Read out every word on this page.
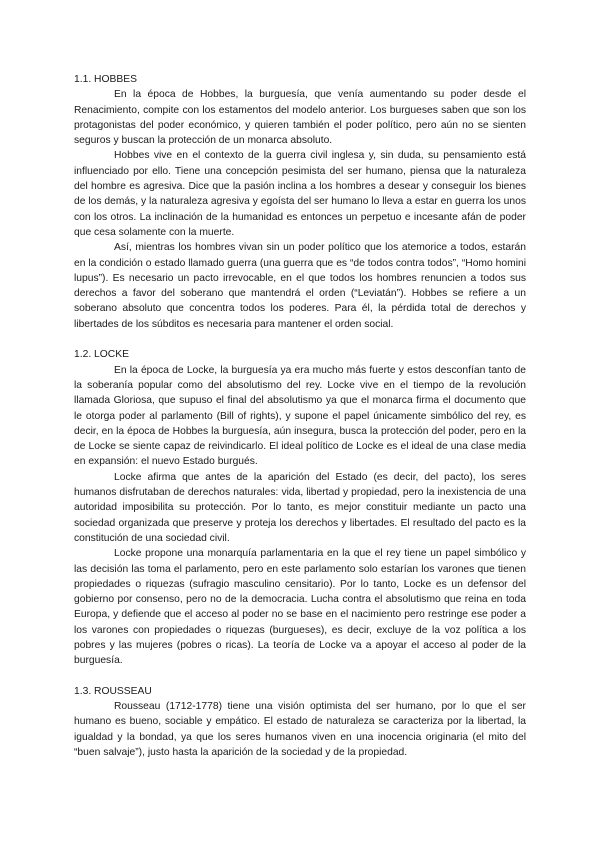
1.1. HOBBES

En la época de Hobbes, la burguesía, que venía aumentando su poder desde el Renacimiento, compite con los estamentos del modelo anterior. Los burgueses saben que son los protagonistas del poder económico, y quieren también el poder político, pero aún no se sienten seguros y buscan la protección de un monarca absoluto.

Hobbes vive en el contexto de la guerra civil inglesa y, sin duda, su pensamiento está influenciado por ello. Tiene una concepción pesimista del ser humano, piensa que la naturaleza del hombre es agresiva. Dice que la pasión inclina a los hombres a desear y conseguir los bienes de los demás, y la naturaleza agresiva y egoísta del ser humano lo lleva a estar en guerra los unos con los otros. La inclinación de la humanidad es entonces un perpetuo e incesante afán de poder que cesa solamente con la muerte.

Así, mientras los hombres vivan sin un poder político que los atemorice a todos, estarán en la condición o estado llamado guerra (una guerra que es “de todos contra todos”, “Homo homini lupus”). Es necesario un pacto irrevocable, en el que todos los hombres renuncien a todos sus derechos a favor del soberano que mantendrá el orden (“Leviatán”). Hobbes se refiere a un soberano absoluto que concentra todos los poderes. Para él, la pérdida total de derechos y libertades de los súbditos es necesaria para mantener el orden social.

1.2. LOCKE

En la época de Locke, la burguesía ya era mucho más fuerte y estos desconfían tanto de la soberanía popular como del absolutismo del rey. Locke vive en el tiempo de la revolución llamada Gloriosa, que supuso el final del absolutismo ya que el monarca firma el documento que le otorga poder al parlamento (Bill of rights), y supone el papel únicamente simbólico del rey, es decir, en la época de Hobbes la burguesía, aún insegura, busca la protección del poder, pero en la de Locke se siente capaz de reivindicarlo. El ideal político de Locke es el ideal de una clase media en expansión: el nuevo Estado burgués.

Locke afirma que antes de la aparición del Estado (es decir, del pacto), los seres humanos disfrutaban de derechos naturales: vida, libertad y propiedad, pero la inexistencia de una autoridad imposibilita su protección. Por lo tanto, es mejor constituir mediante un pacto una sociedad organizada que preserve y proteja los derechos y libertades. El resultado del pacto es la constitución de una sociedad civil.

Locke propone una monarquía parlamentaria en la que el rey tiene un papel simbólico y las decisión las toma el parlamento, pero en este parlamento solo estarían los varones que tienen propiedades o riquezas (sufragio masculino censitario). Por lo tanto, Locke es un defensor del gobierno por consenso, pero no de la democracia. Lucha contra el absolutismo que reina en toda Europa, y defiende que el acceso al poder no se base en el nacimiento pero restringe ese poder a los varones con propiedades o riquezas (burgueses), es decir, excluye de la voz política a los pobres y las mujeres (pobres o ricas). La teoría de Locke va a apoyar el acceso al poder de la burguesía.

1.3. ROUSSEAU

Rousseau (1712-1778) tiene una visión optimista del ser humano, por lo que el ser humano es bueno, sociable y empático. El estado de naturaleza se caracteriza por la libertad, la igualdad y la bondad, ya que los seres humanos viven en una inocencia originaria (el mito del “buen salvaje”), justo hasta la aparición de la sociedad y de la propiedad.
